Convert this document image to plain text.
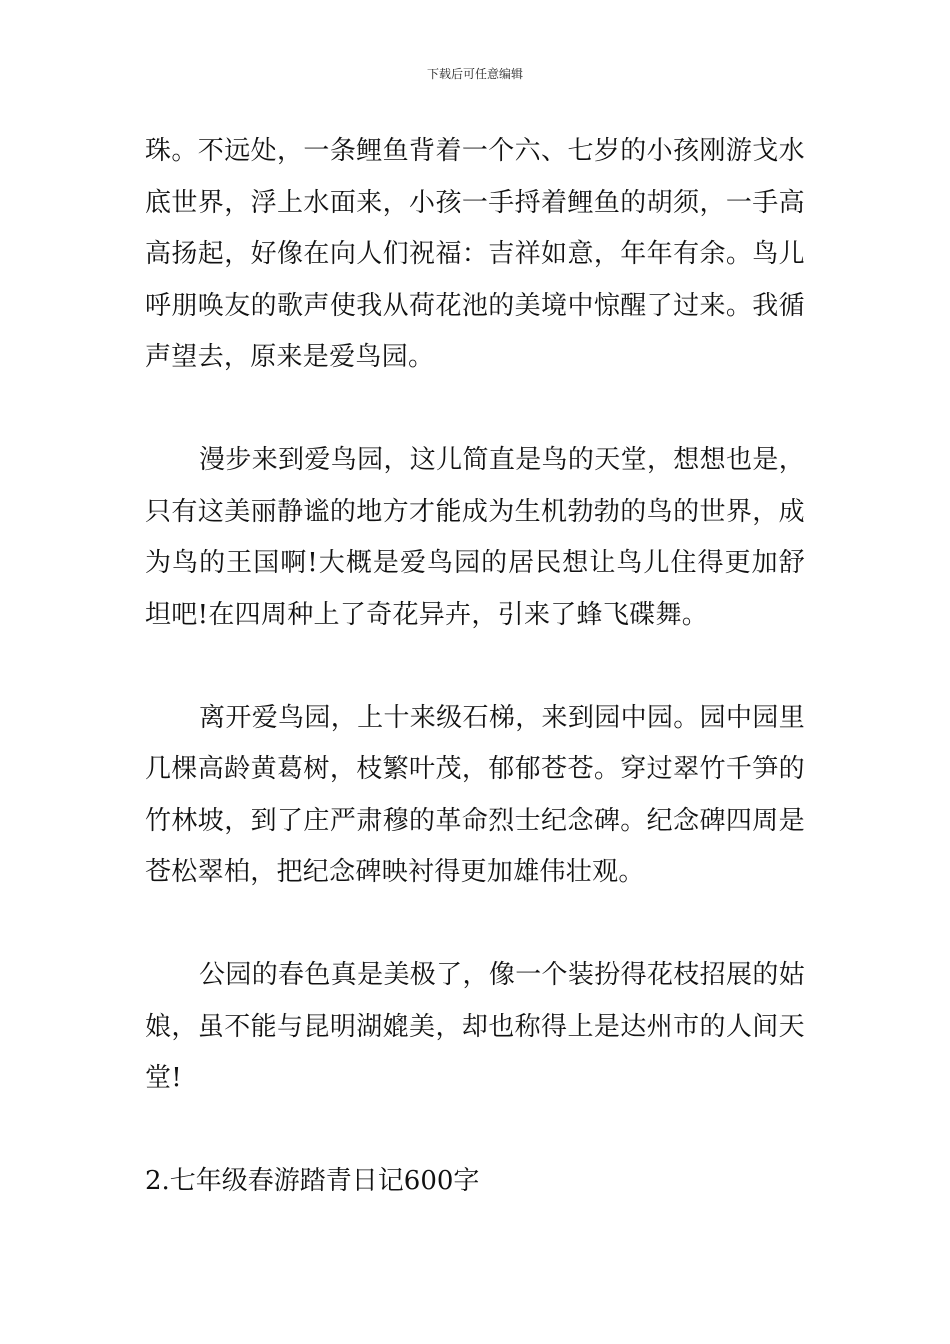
下载后可任意编辑

珠。不远处，一条鲤鱼背着一个六、七岁的小孩刚游戈水底世界，浮上水面来，小孩一手捋着鲤鱼的胡须，一手高高扬起，好像在向人们祝福：吉祥如意，年年有余。鸟儿呼朋唤友的歌声使我从荷花池的美境中惊醒了过来。我循声望去，原来是爱鸟园。

漫步来到爱鸟园，这儿简直是鸟的天堂，想想也是，只有这美丽静谧的地方才能成为生机勃勃的鸟的世界，成为鸟的王国啊!大概是爱鸟园的居民想让鸟儿住得更加舒坦吧!在四周种上了奇花异卉，引来了蜂飞碟舞。

离开爱鸟园，上十来级石梯，来到园中园。园中园里几棵高龄黄葛树，枝繁叶茂，郁郁苍苍。穿过翠竹千笋的竹林坡，到了庄严肃穆的革命烈士纪念碑。纪念碑四周是苍松翠柏，把纪念碑映衬得更加雄伟壮观。

公园的春色真是美极了，像一个装扮得花枝招展的姑娘，虽不能与昆明湖媲美，却也称得上是达州市的人间天堂!

2.七年级春游踏青日记600字
